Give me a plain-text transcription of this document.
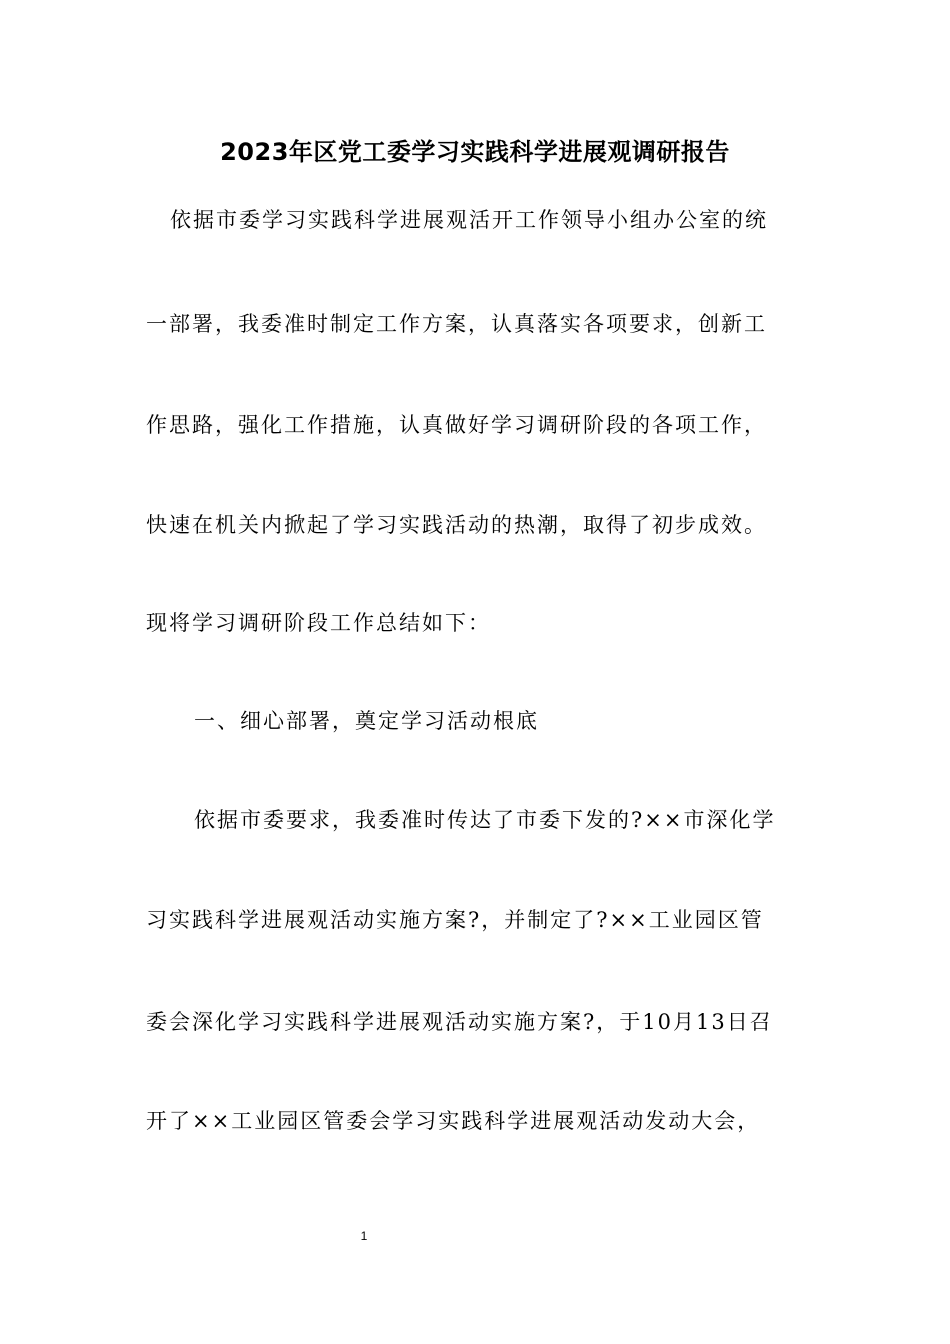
2023年区党工委学习实践科学进展观调研报告
依据市委学习实践科学进展观活开工作领导小组办公室的统
一部署，我委准时制定工作方案，认真落实各项要求，创新工
作思路，强化工作措施，认真做好学习调研阶段的各项工作，
快速在机关内掀起了学习实践活动的热潮，取得了初步成效。
现将学习调研阶段工作总结如下：
一、细心部署，奠定学习活动根底
依据市委要求，我委准时传达了市委下发的?××市深化学
习实践科学进展观活动实施方案?，并制定了?××工业园区管
委会深化学习实践科学进展观活动实施方案?，于10月13日召
开了××工业园区管委会学习实践科学进展观活动发动大会，
1
